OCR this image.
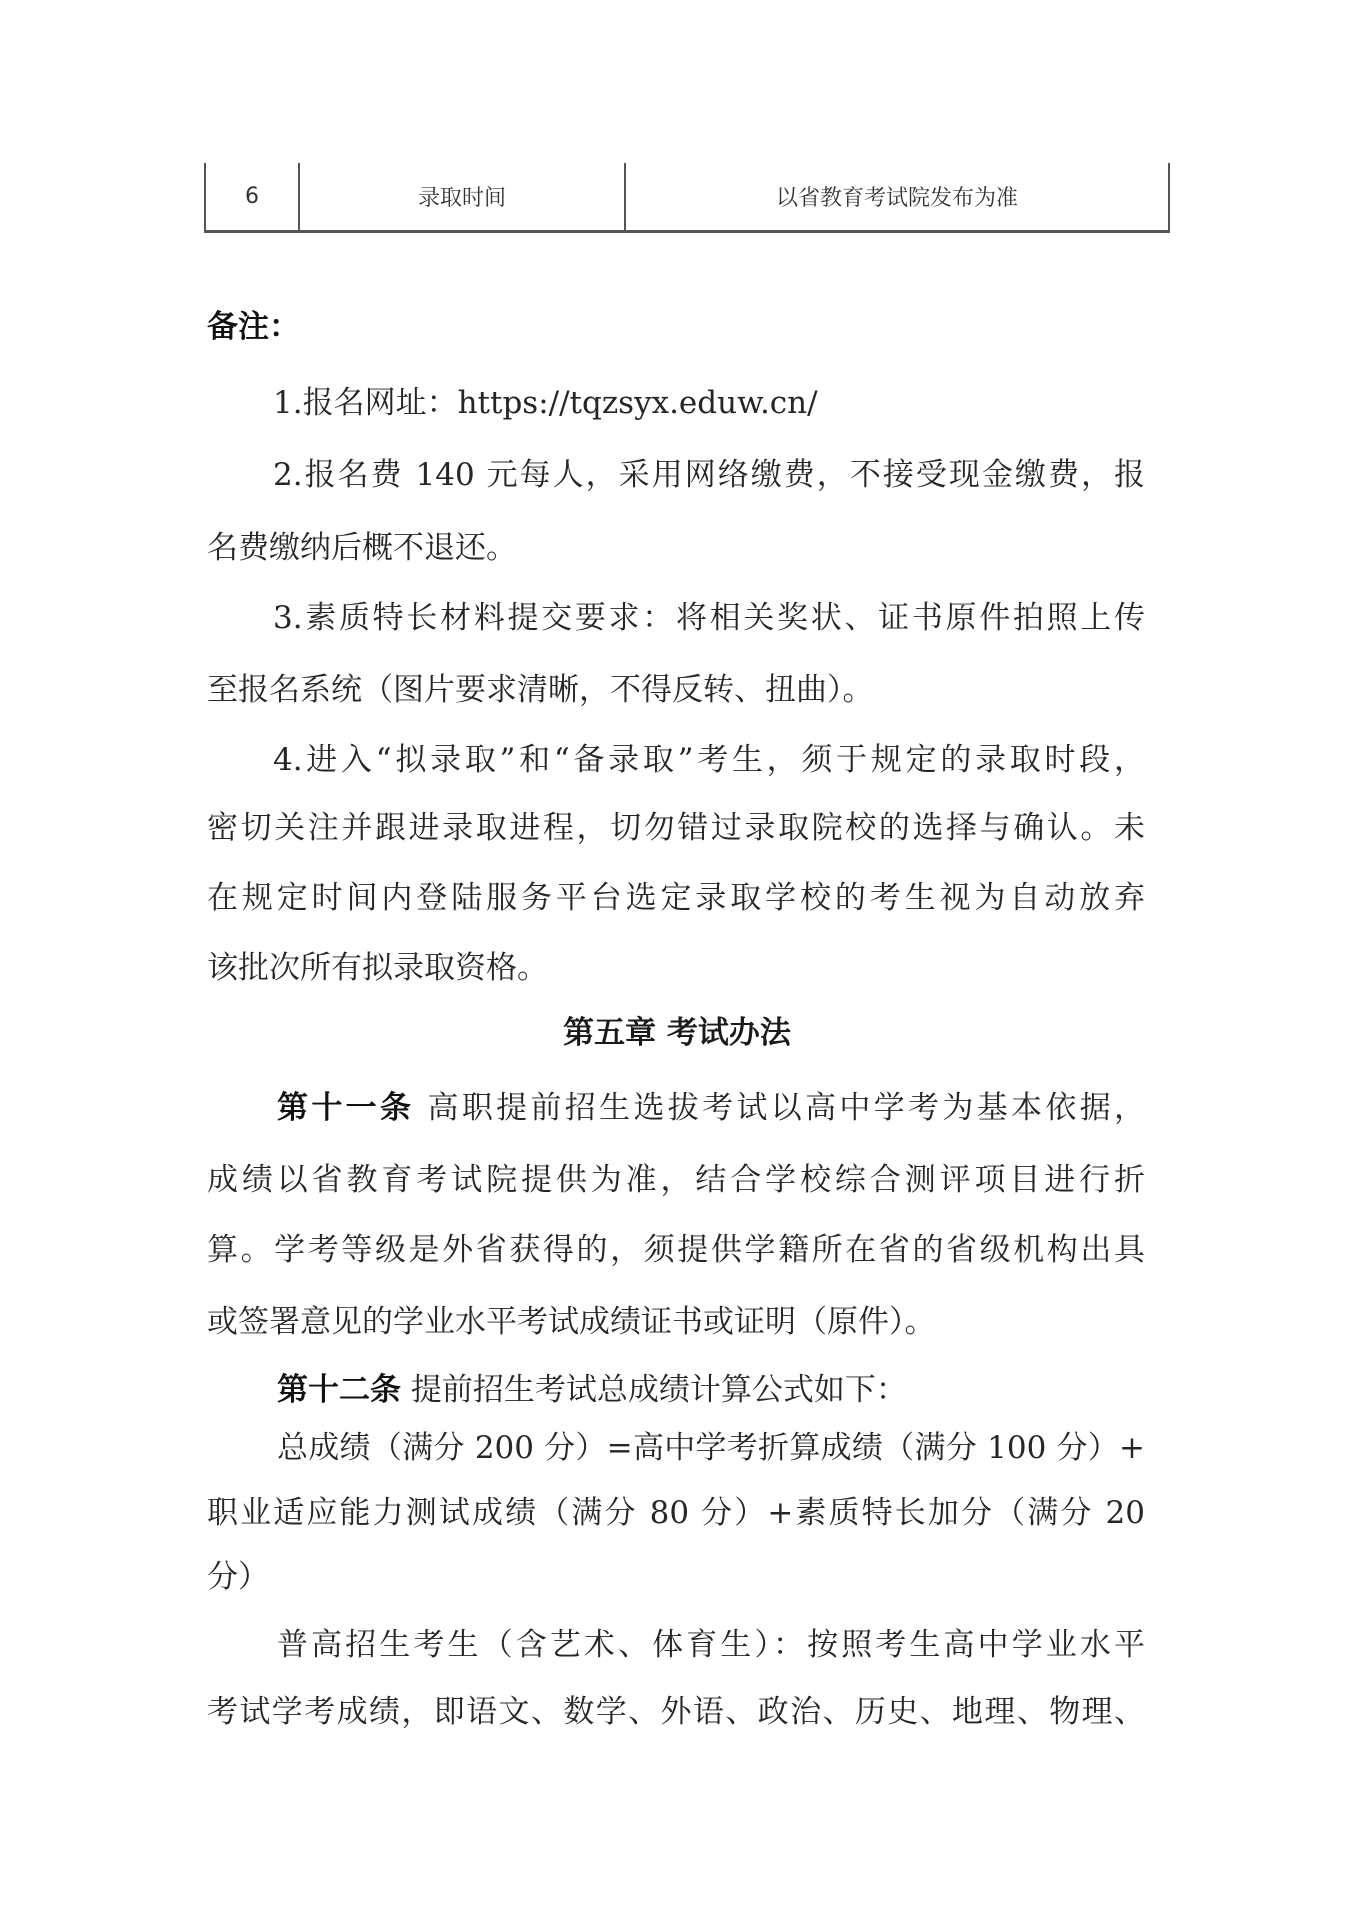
6	录取时间	以省教育考试院发布为准
备注：
1.报名网址：https://tqzsyx.eduw.cn/
2.报名费 140 元每人，采用网络缴费，不接受现金缴费，报
名费缴纳后概不退还。
3.素质特长材料提交要求：将相关奖状、证书原件拍照上传
至报名系统（图片要求清晰，不得反转、扭曲）。
4.进入“拟录取”和“备录取”考生，须于规定的录取时段，
密切关注并跟进录取进程，切勿错过录取院校的选择与确认。未
在规定时间内登陆服务平台选定录取学校的考生视为自动放弃
该批次所有拟录取资格。
第五章 考试办法
第十一条 高职提前招生选拔考试以高中学考为基本依据，
成绩以省教育考试院提供为准，结合学校综合测评项目进行折
算。学考等级是外省获得的，须提供学籍所在省的省级机构出具
或签署意见的学业水平考试成绩证书或证明（原件）。
第十二条 提前招生考试总成绩计算公式如下：
总成绩（满分 200 分）=高中学考折算成绩（满分 100 分）+
职业适应能力测试成绩（满分 80 分）+素质特长加分（满分 20
分）
普高招生考生（含艺术、体育生）：按照考生高中学业水平
考试学考成绩，即语文、数学、外语、政治、历史、地理、物理、
